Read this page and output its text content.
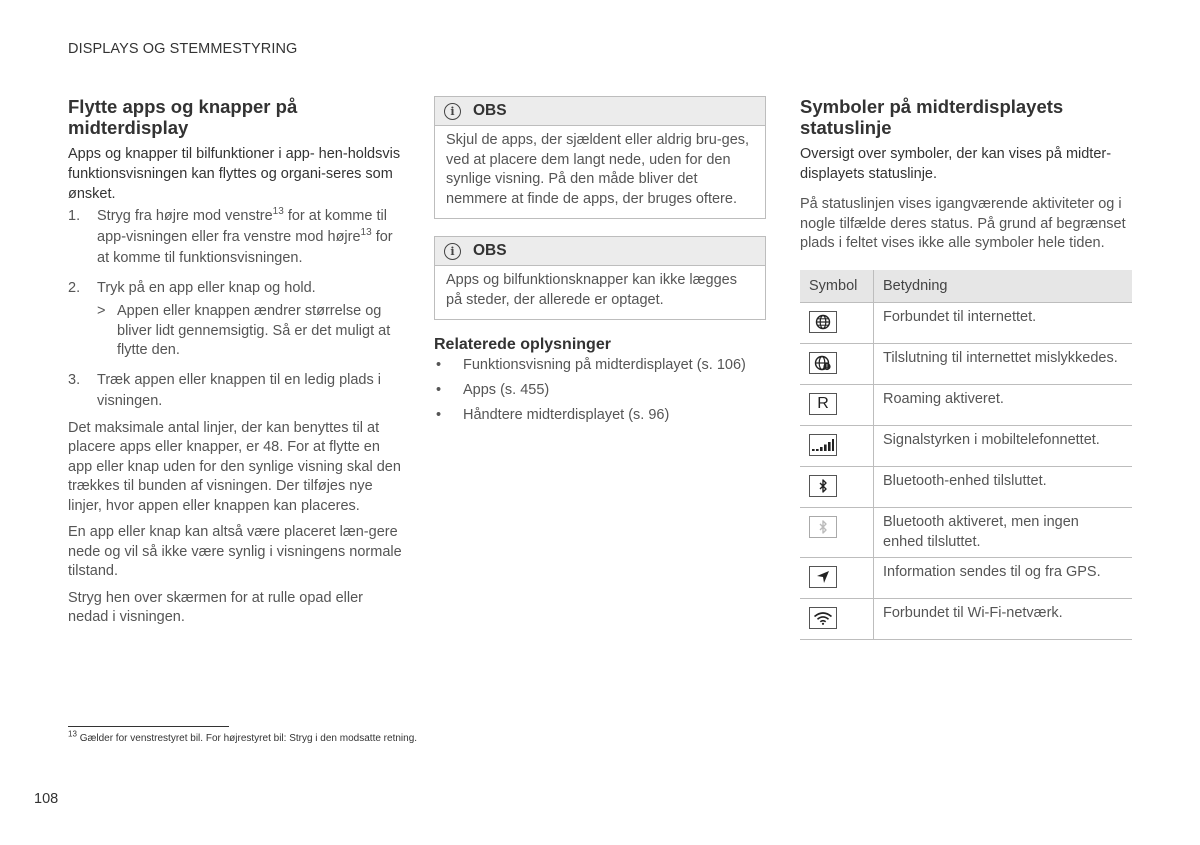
DISPLAYS OG STEMMESTYRING
Flytte apps og knapper på midterdisplay

Apps og knapper til bilfunktioner i app- hen-holdsvis funktionsvisningen kan flyttes og organi-seres som ønsket.

1. Stryg fra højre mod venstre$^{13}$ for at komme til app-visningen eller fra venstre mod højre$^{13}$ for at komme til funktionsvisningen.
2. Tryk på en app eller knap og hold.
> Appen eller knappen ændrer størrelse og bliver lidt gennemsigtig. Så er det muligt at flytte den.
3. Træk appen eller knappen til en ledig plads i visningen.

Det maksimale antal linjer, der kan benyttes til at placere apps eller knapper, er 48. For at flytte en app eller knap uden for den synlige visning skal den trækkes til bunden af visningen. Der tilføjes nye linjer, hvor appen eller knappen kan placeres.

En app eller knap kan altså være placeret læn-gere nede og vil så ikke være synlig i visningens normale tilstand.

Stryg hen over skærmen for at rulle opad eller nedad i visningen.

i	OBS
Skjul de apps, der sjældent eller aldrig bru-ges, ved at placere dem langt nede, uden for den synlige visning. På den måde bliver det nemmere at finde de apps, der bruges oftere.
i	OBS
Apps og bilfunktionsknapper kan ikke lægges på steder, der allerede er optaget.
Relaterede oplysninger
• Funktionsvisning på midterdisplayet (s. 106)
• Apps (s. 455)
• Håndtere midterdisplayet (s. 96)
Symboler på midterdisplayets statuslinje

Oversigt over symboler, der kan vises på midter-displayets statuslinje.

På statuslinjen vises igangværende aktiviteter og i nogle tilfælde deres status. På grund af begrænset plads i feltet vises ikke alle symboler hele tiden.

Symbol	Betydning

	Forbundet til internettet.

!	Tilslutning til internettet mislykkedes.

R	Roaming aktiveret.

	Signalstyrken i mobiltelefonnettet.

	Bluetooth-enhed tilsluttet.

	Bluetooth aktiveret, men ingen enhed tilsluttet.

	Information sendes til og fra GPS.

	Forbundet til Wi-Fi-netværk.
$^{13}$ Gælder for venstrestyret bil. For højrestyret bil: Stryg i den modsatte retning.
108
